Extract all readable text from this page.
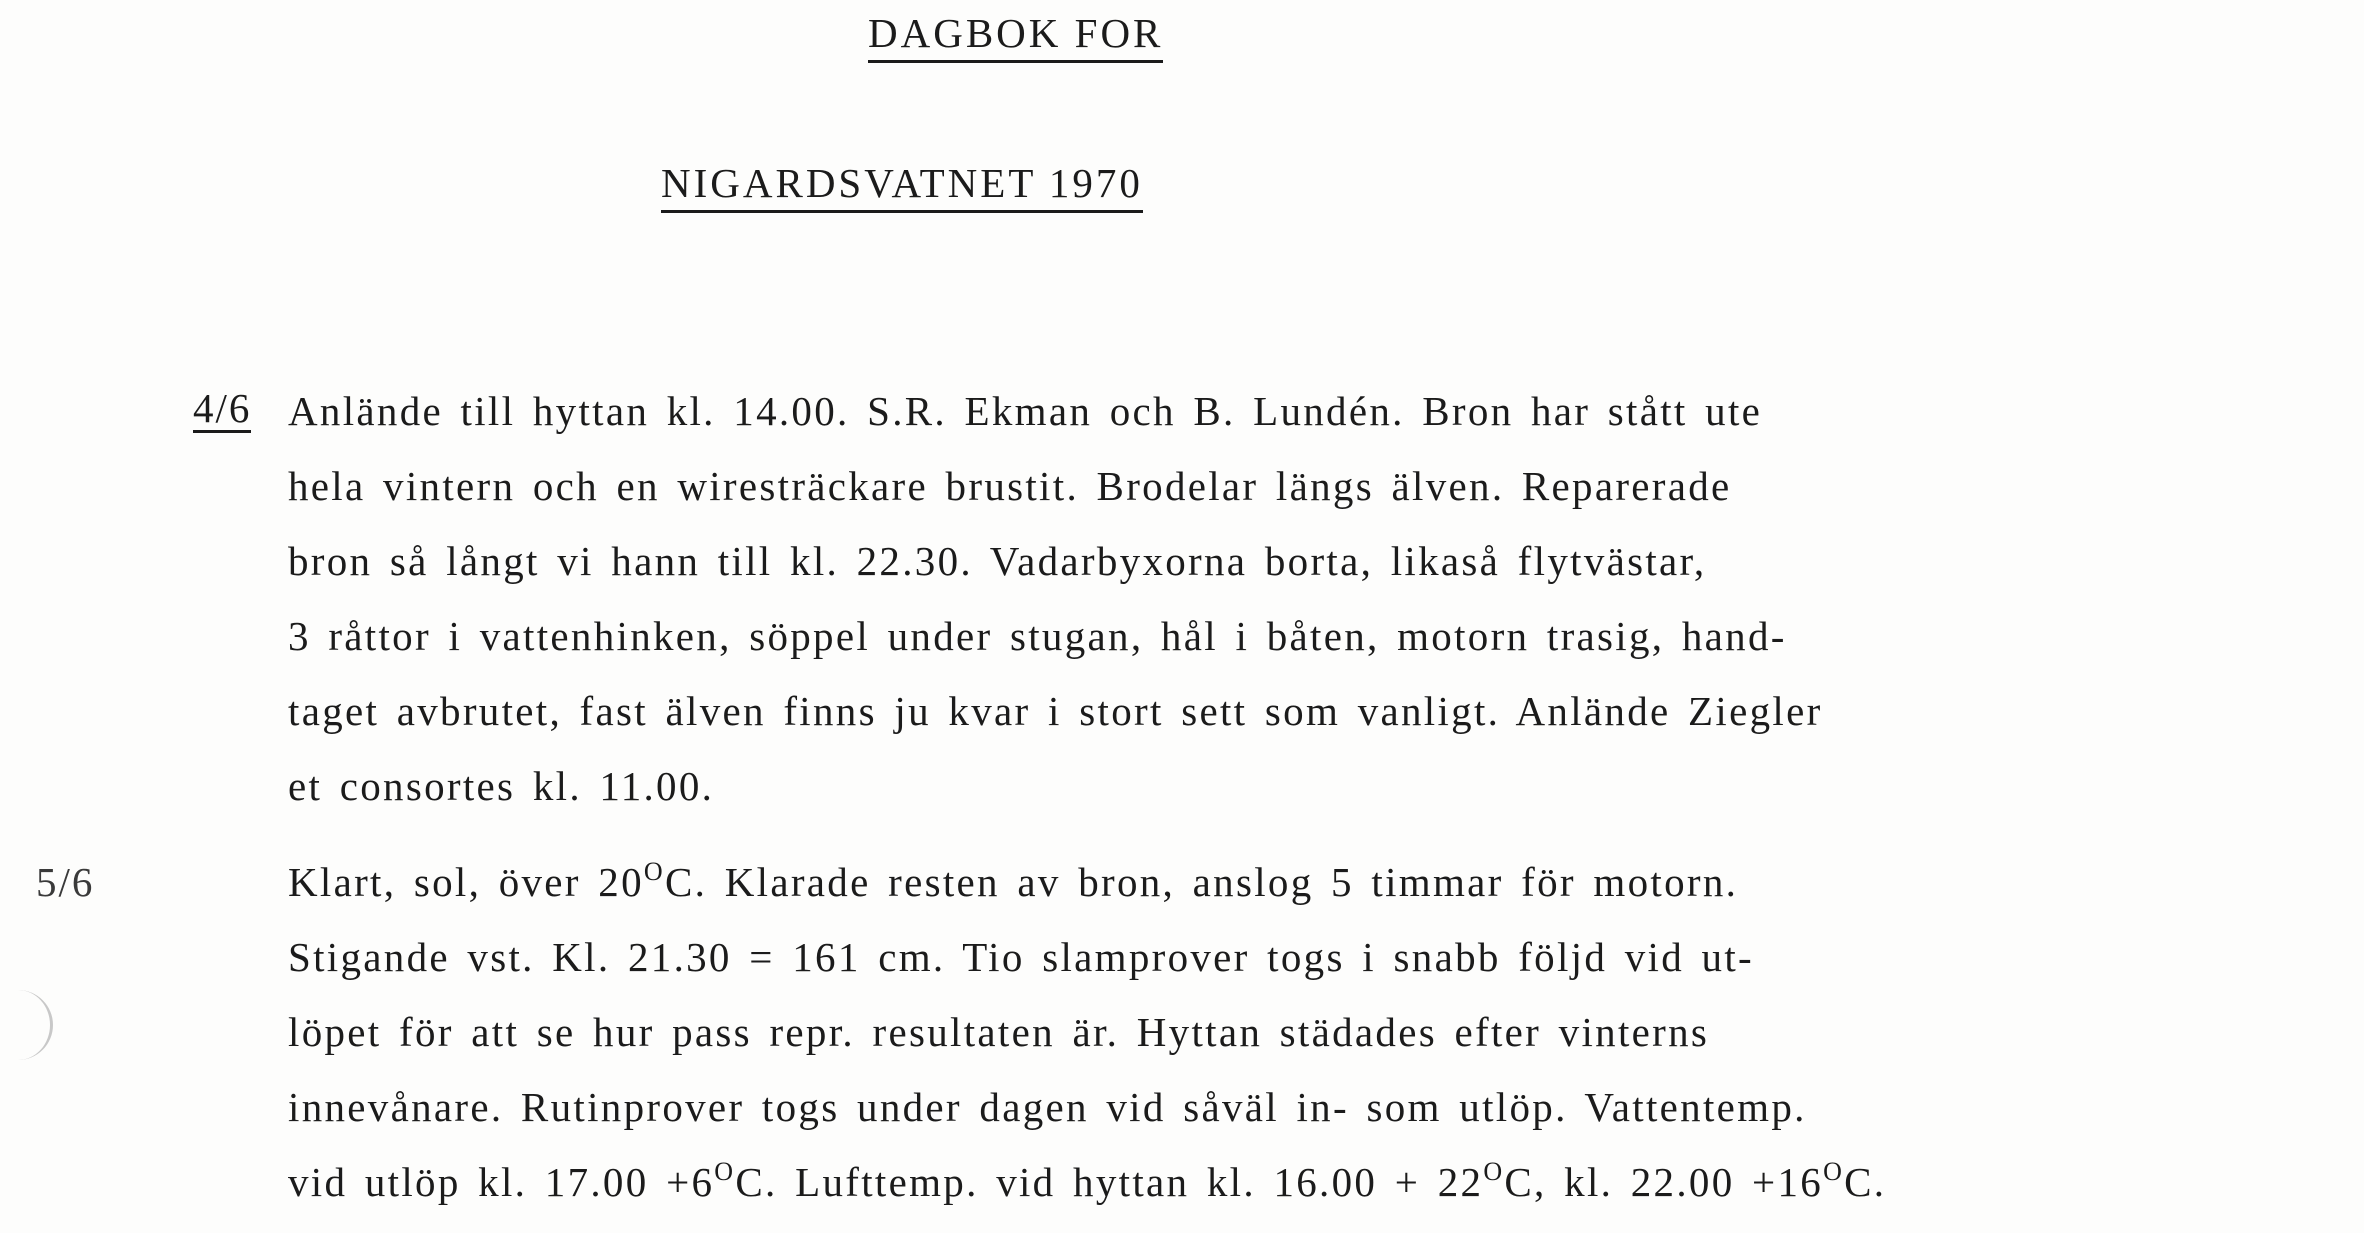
DAGBOK FOR
NIGARDSVATNET 1970
4/6 Anlände till hyttan kl. 14.00. S.R. Ekman och B. Lundén. Bron har stått ute
hela vintern och en wiresträckare brustit. Brodelar längs älven. Reparerade
bron så långt vi hann till kl. 22.30. Vadarbyxorna borta, likaså flytvästar,
3 råttor i vattenhinken, söppel under stugan, hål i båten, motorn trasig, hand-
taget avbrutet, fast älven finns ju kvar i stort sett som vanligt. Anlände Ziegler
et consortes kl. 11.00.
5/6	Klart, sol, över $20^OC$. Klarade resten av bron, anslog 5 timmar för motorn.
Stigande vst. Kl. 21.30 = 161 cm. Tio slamprover togs i snabb följd vid ut-
löpet för att se hur pass repr. resultaten är. Hyttan städades efter vinterns
innevånare. Rutinprover togs under dagen vid såväl in- som utlöp. Vattentemp.
vid utlöp kl. $17.00 +6^OC$. Lufttemp. vid hyttan kl. $16.00 + 22^OC$, kl. $22.00 +16^OC$.
